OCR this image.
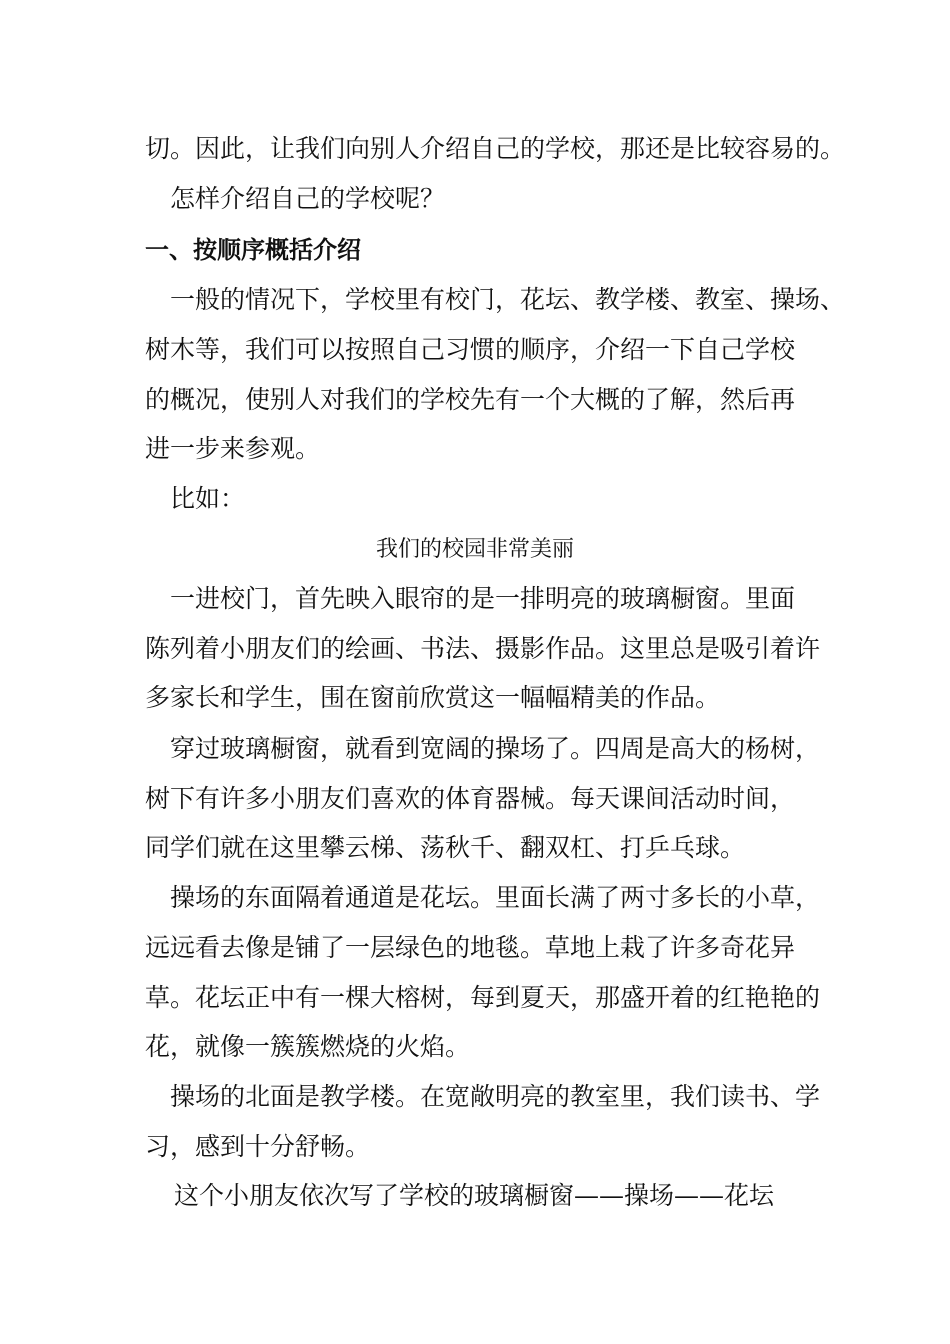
切。因此，让我们向别人介绍自己的学校，那还是比较容易的。
怎样介绍自己的学校呢？
一、按顺序概括介绍
一般的情况下，学校里有校门，花坛、教学楼、教室、操场、
树木等，我们可以按照自己习惯的顺序，介绍一下自己学校
的概况，使别人对我们的学校先有一个大概的了解，然后再
进一步来参观。
比如：
我们的校园非常美丽
一进校门，首先映入眼帘的是一排明亮的玻璃橱窗。里面
陈列着小朋友们的绘画、书法、摄影作品。这里总是吸引着许
多家长和学生，围在窗前欣赏这一幅幅精美的作品。
穿过玻璃橱窗，就看到宽阔的操场了。四周是高大的杨树，
树下有许多小朋友们喜欢的体育器械。每天课间活动时间，
同学们就在这里攀云梯、荡秋千、翻双杠、打乒乓球。
操场的东面隔着通道是花坛。里面长满了两寸多长的小草，
远远看去像是铺了一层绿色的地毯。草地上栽了许多奇花异
草。花坛正中有一棵大榕树，每到夏天，那盛开着的红艳艳的
花，就像一簇簇燃烧的火焰。
操场的北面是教学楼。在宽敞明亮的教室里，我们读书、学
习，感到十分舒畅。
这个小朋友依次写了学校的玻璃橱窗——操场——花坛
